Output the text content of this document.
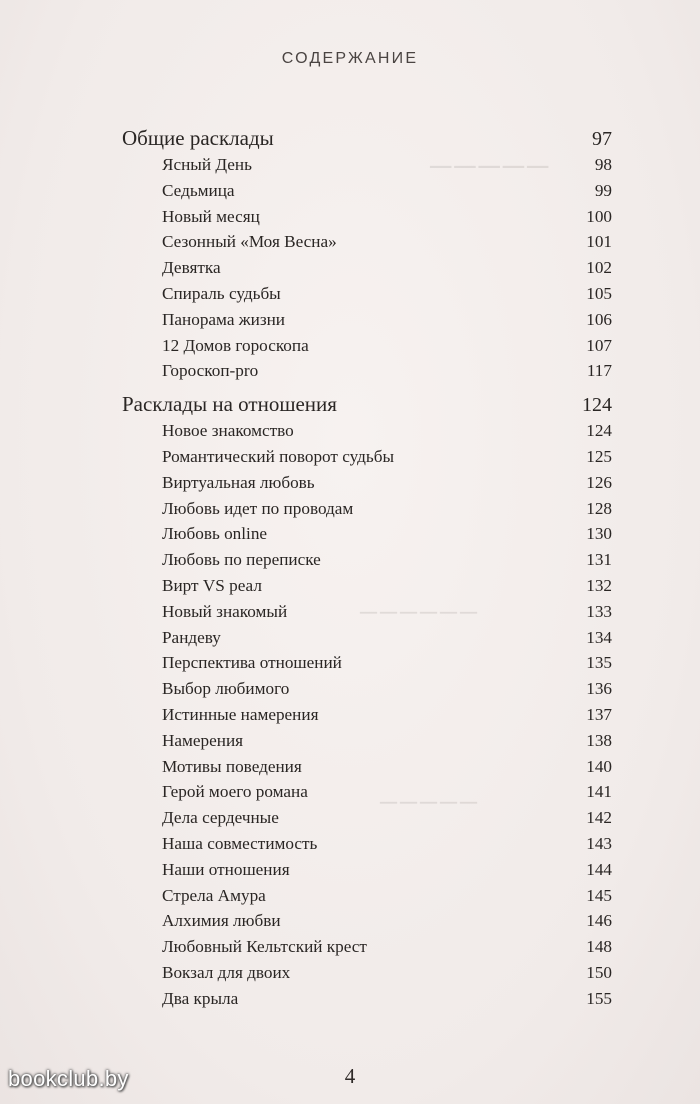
─────
──────
─────
СОДЕРЖАНИЕ
Общие расклады	97
Ясный День	98
Седьмица	99
Новый месяц	100
Сезонный «Моя Весна»	101
Девятка	102
Спираль судьбы	105
Панорама жизни	106
12 Домов гороскопа	107
Гороскоп-pro	117
Расклады на отношения	124
Новое знакомство	124
Романтический поворот судьбы	125
Виртуальная любовь	126
Любовь идет по проводам	128
Любовь online	130
Любовь по переписке	131
Вирт VS реал	132
Новый знакомый	133
Рандеву	134
Перспектива отношений	135
Выбор любимого	136
Истинные намерения	137
Намерения	138
Мотивы поведения	140
Герой моего романа	141
Дела сердечные	142
Наша совместимость	143
Наши отношения	144
Стрела Амура	145
Алхимия любви	146
Любовный Кельтский крест	148
Вокзал для двоих	150
Два крыла	155
4
bookclub.by
